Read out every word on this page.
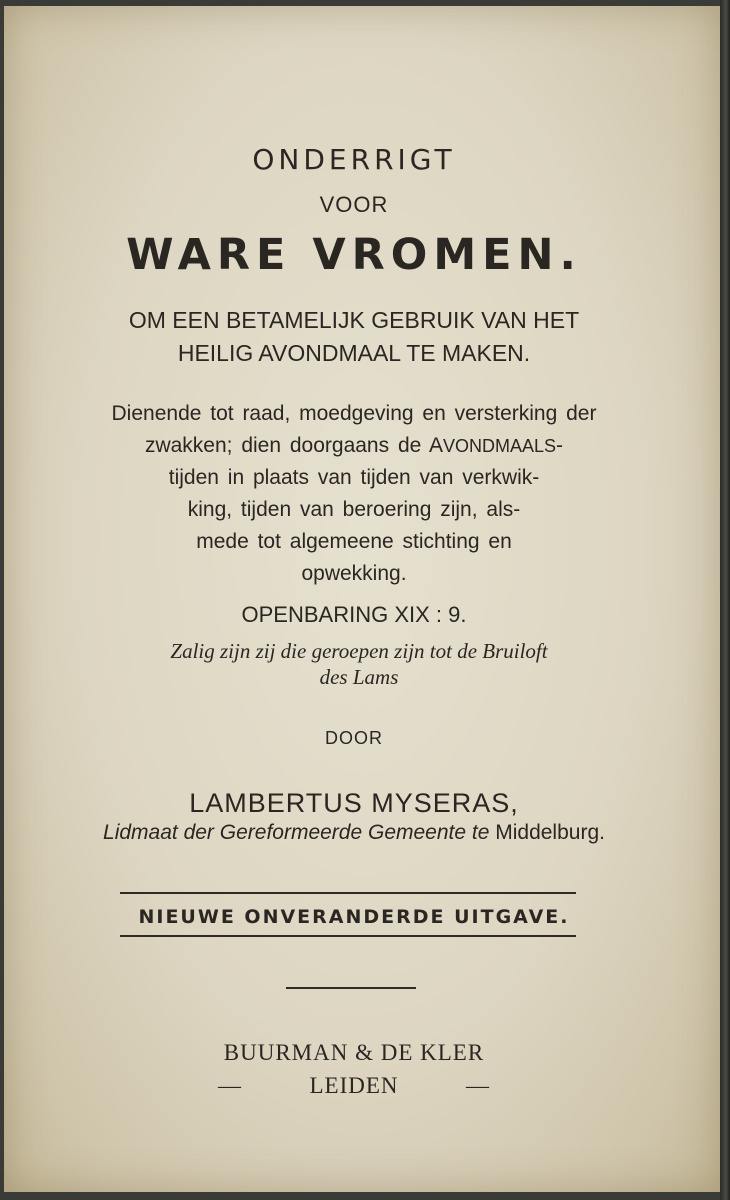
ONDERRIGT
VOOR
WARE VROMEN.
OM EEN BETAMELIJK GEBRUIK VAN HET
HEILIG AVONDMAAL TE MAKEN.
Dienende tot raad, moedgeving en versterking der
zwakken; dien doorgaans de AVONDMAALS-
tijden in plaats van tijden van verkwik-
king, tijden van beroering zijn, als-
mede tot algemeene stichting en
opwekking.
OPENBARING XIX : 9.
Zalig zijn zij die geroepen zijn tot de Bruiloft
des Lams
DOOR
LAMBERTUS MYSERAS,
Lidmaat der Gereformeerde Gemeente te Middelburg.
NIEUWE ONVERANDERDE UITGAVE.
BUURMAN & DE KLER
—	LEIDEN	—
